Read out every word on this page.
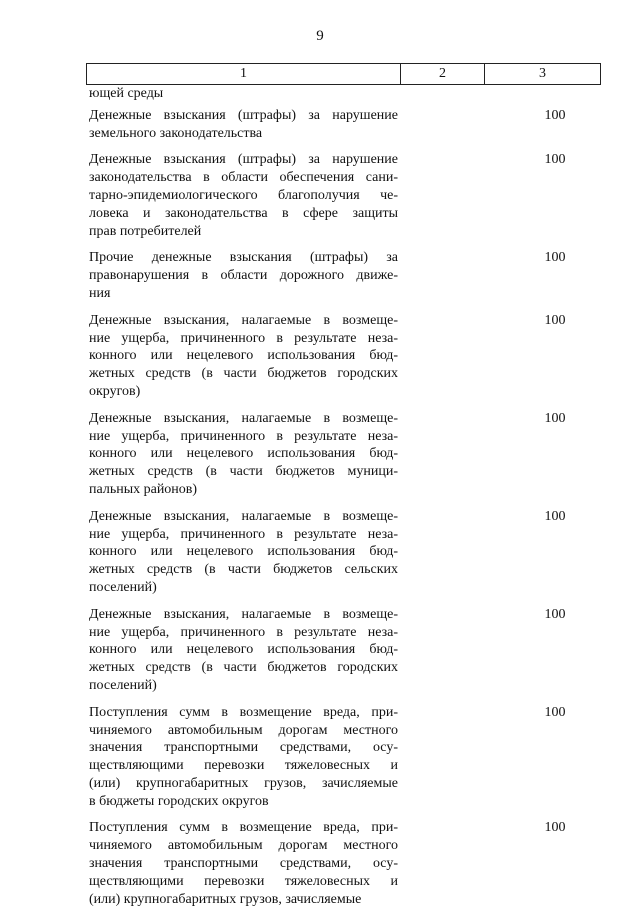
9
1	2	3
ющей среды
Денежные взыскания (штрафы) за нарушение
земельного законодательства
100
Денежные взыскания (штрафы) за нарушение
законодательства в области обеспечения сани-
тарно-эпидемиологического благополучия че-
ловека и законодательства в сфере защиты
прав потребителей
100
Прочие денежные взыскания (штрафы) за
правонарушения в области дорожного движе-
ния
100
Денежные взыскания, налагаемые в возмеще-
ние ущерба, причиненного в результате неза-
конного или нецелевого использования бюд-
жетных средств (в части бюджетов городских
округов)
100
Денежные взыскания, налагаемые в возмеще-
ние ущерба, причиненного в результате неза-
конного или нецелевого использования бюд-
жетных средств (в части бюджетов муници-
пальных районов)
100
Денежные взыскания, налагаемые в возмеще-
ние ущерба, причиненного в результате неза-
конного или нецелевого использования бюд-
жетных средств (в части бюджетов сельских
поселений)
100
Денежные взыскания, налагаемые в возмеще-
ние ущерба, причиненного в результате неза-
конного или нецелевого использования бюд-
жетных средств (в части бюджетов городских
поселений)
100
Поступления сумм в возмещение вреда, при-
чиняемого автомобильным дорогам местного
значения транспортными средствами, осу-
ществляющими перевозки тяжеловесных и
(или) крупногабаритных грузов, зачисляемые
в бюджеты городских округов
100
Поступления сумм в возмещение вреда, при-
чиняемого автомобильным дорогам местного
значения транспортными средствами, осу-
ществляющими перевозки тяжеловесных и
(или) крупногабаритных грузов, зачисляемые
100
